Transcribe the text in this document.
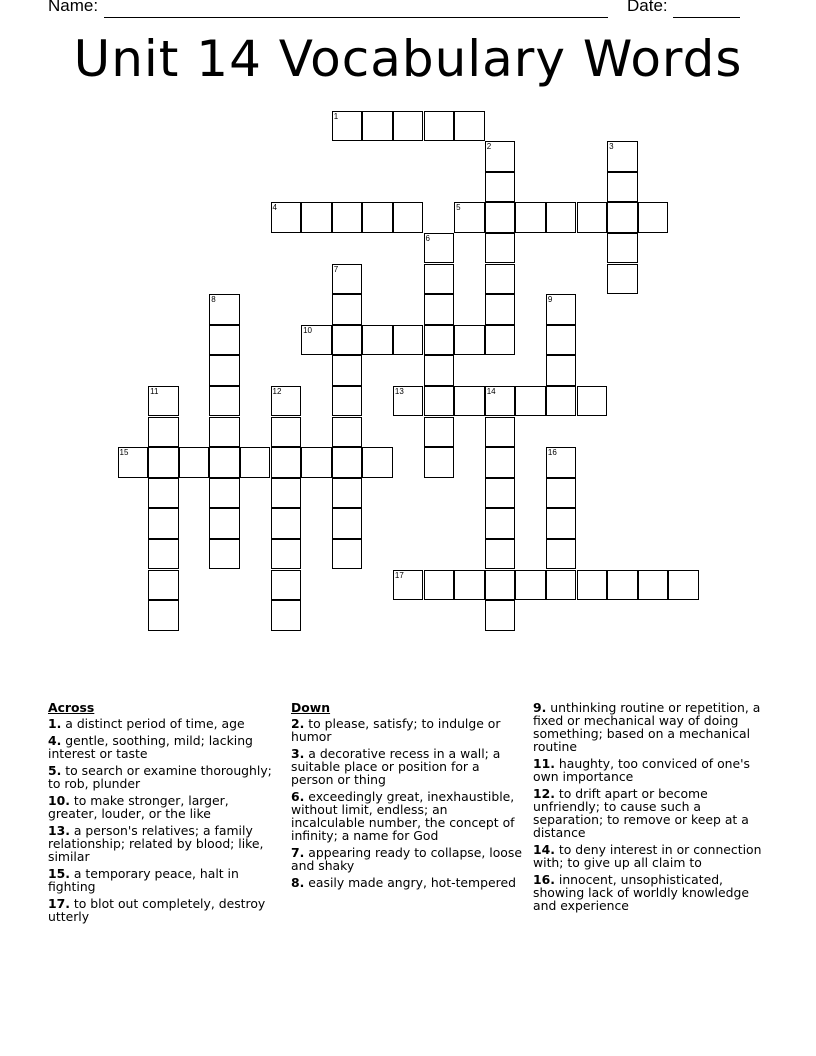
Name:	Date:
Unit 14 Vocabulary Words
1
2	3
4	5
6
7
8	9
10
11	12	13	14
15	16
17
Across
1. a distinct period of time, age
4. gentle, soothing, mild; lacking interest or taste
5. to search or examine thoroughly; to rob, plunder
10. to make stronger, larger, greater, louder, or the like
13. a person's relatives; a family relationship; related by blood; like, similar
15. a temporary peace, halt in fighting
17. to blot out completely, destroy utterly
Down
2. to please, satisfy; to indulge or humor
3. a decorative recess in a wall; a suitable place or position for a person or thing
6. exceedingly great, inexhaustible, without limit, endless; an incalculable number, the concept of infinity; a name for God
7. appearing ready to collapse, loose and shaky
8. easily made angry, hot-tempered
9. unthinking routine or repetition, a fixed or mechanical way of doing something; based on a mechanical routine
11. haughty, too conviced of one's own importance
12. to drift apart or become unfriendly; to cause such a separation; to remove or keep at a distance
14. to deny interest in or connection with; to give up all claim to
16. innocent, unsophisticated, showing lack of worldly knowledge and experience
